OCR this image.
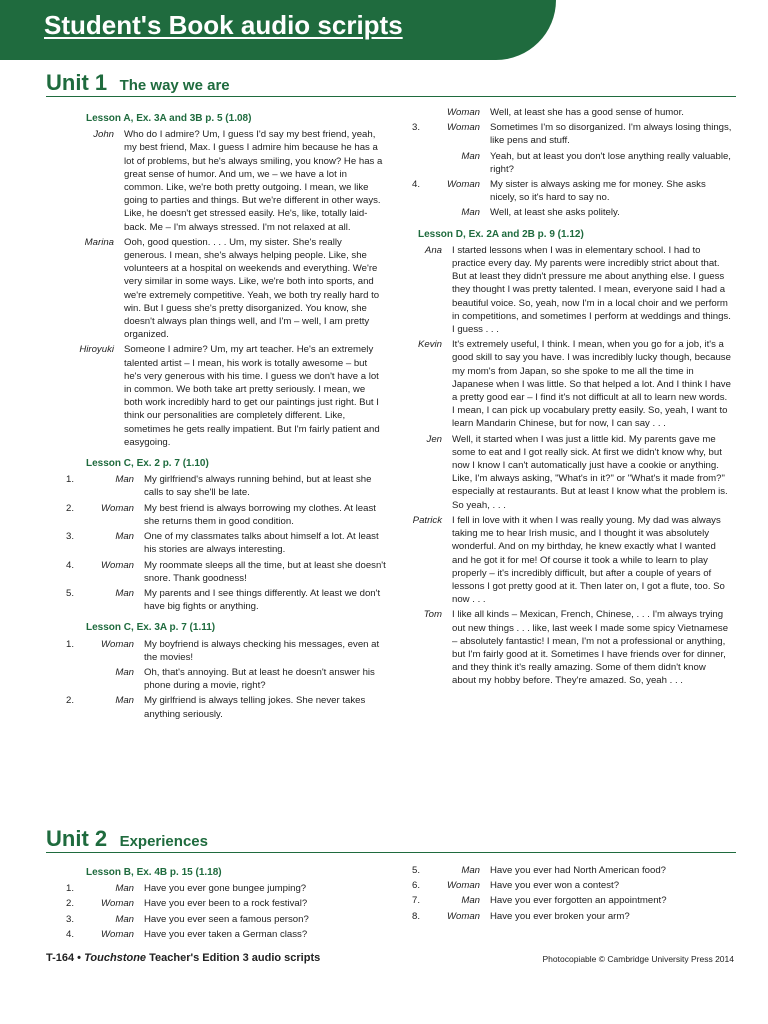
Student's Book audio scripts
Unit 1 The way we are
Lesson A, Ex. 3A and 3B p. 5 (1.08)
John	Who do I admire? Um, I guess I'd say my best friend, yeah, my best friend, Max. I guess I admire him because he has a lot of problems, but he's always smiling, you know? He has a great sense of humor. And um, we – we have a lot in common. Like, we're both pretty outgoing. I mean, we like going to parties and things. But we're different in other ways. Like, he doesn't get stressed easily. He's, like, totally laid-back. Me – I'm always stressed. I'm not relaxed at all.
Marina	Ooh, good question. . . . Um, my sister. She's really generous. I mean, she's always helping people. Like, she volunteers at a hospital on weekends and everything. We're very similar in some ways. Like, we're both into sports, and we're extremely competitive. Yeah, we both try really hard to win. But I guess she's pretty disorganized. You know, she doesn't always plan things well, and I'm – well, I am pretty organized.
Hiroyuki	Someone I admire? Um, my art teacher. He's an extremely talented artist – I mean, his work is totally awesome – but he's very generous with his time. I guess we don't have a lot in common. We both take art pretty seriously. I mean, we both work incredibly hard to get our paintings just right. But I think our personalities are completely different. Like, sometimes he gets really impatient. But I'm fairly patient and easygoing.
Lesson C, Ex. 2 p. 7 (1.10)
1.	Man	My girlfriend's always running behind, but at least she calls to say she'll be late.
2.	Woman	My best friend is always borrowing my clothes. At least she returns them in good condition.
3.	Man	One of my classmates talks about himself a lot. At least his stories are always interesting.
4.	Woman	My roommate sleeps all the time, but at least she doesn't snore. Thank goodness!
5.	Man	My parents and I see things differently. At least we don't have big fights or anything.
Lesson C, Ex. 3A p. 7 (1.11)
1.	Woman	My boyfriend is always checking his messages, even at the movies!
Man	Oh, that's annoying. But at least he doesn't answer his phone during a movie, right?
2.	Man	My girlfriend is always telling jokes. She never takes anything seriously.
Woman	Well, at least she has a good sense of humor.
3.	Woman	Sometimes I'm so disorganized. I'm always losing things, like pens and stuff.
Man	Yeah, but at least you don't lose anything really valuable, right?
4.	Woman	My sister is always asking me for money. She asks nicely, so it's hard to say no.
Man	Well, at least she asks politely.
Lesson D, Ex. 2A and 2B p. 9 (1.12)
Ana	I started lessons when I was in elementary school. I had to practice every day. My parents were incredibly strict about that. But at least they didn't pressure me about anything else. I guess they thought I was pretty talented. I mean, everyone said I had a beautiful voice. So, yeah, now I'm in a local choir and we perform in competitions, and sometimes I perform at weddings and things. I guess . . .
Kevin	It's extremely useful, I think. I mean, when you go for a job, it's a good skill to say you have. I was incredibly lucky though, because my mom's from Japan, so she spoke to me all the time in Japanese when I was little. So that helped a lot. And I think I have a pretty good ear – I find it's not difficult at all to learn new words. I mean, I can pick up vocabulary pretty easily. So, yeah, I want to learn Mandarin Chinese, but for now, I can say . . .
Jen	Well, it started when I was just a little kid. My parents gave me some to eat and I got really sick. At first we didn't know why, but now I know I can't automatically just have a cookie or anything. Like, I'm always asking, "What's in it?" or "What's it made from?" especially at restaurants. But at least I know what the problem is. So yeah, . . .
Patrick	I fell in love with it when I was really young. My dad was always taking me to hear Irish music, and I thought it was absolutely wonderful. And on my birthday, he knew exactly what I wanted and he got it for me! Of course it took a while to learn to play properly – it's incredibly difficult, but after a couple of years of lessons I got pretty good at it. Then later on, I got a flute, too. So now . . .
Tom	I like all kinds – Mexican, French, Chinese, . . . I'm always trying out new things . . . like, last week I made some spicy Vietnamese – absolutely fantastic! I mean, I'm not a professional or anything, but I'm fairly good at it. Sometimes I have friends over for dinner, and they think it's really amazing. Some of them didn't know about my hobby before. They're amazed. So, yeah . . .
Unit 2 Experiences
Lesson B, Ex. 4B p. 15 (1.18)
1.	Man	Have you ever gone bungee jumping?
2.	Woman	Have you ever been to a rock festival?
3.	Man	Have you ever seen a famous person?
4.	Woman	Have you ever taken a German class?
5.	Man	Have you ever had North American food?
6.	Woman	Have you ever won a contest?
7.	Man	Have you ever forgotten an appointment?
8.	Woman	Have you ever broken your arm?
T-164 • Touchstone Teacher's Edition 3 audio scripts	Photocopiable © Cambridge University Press 2014
